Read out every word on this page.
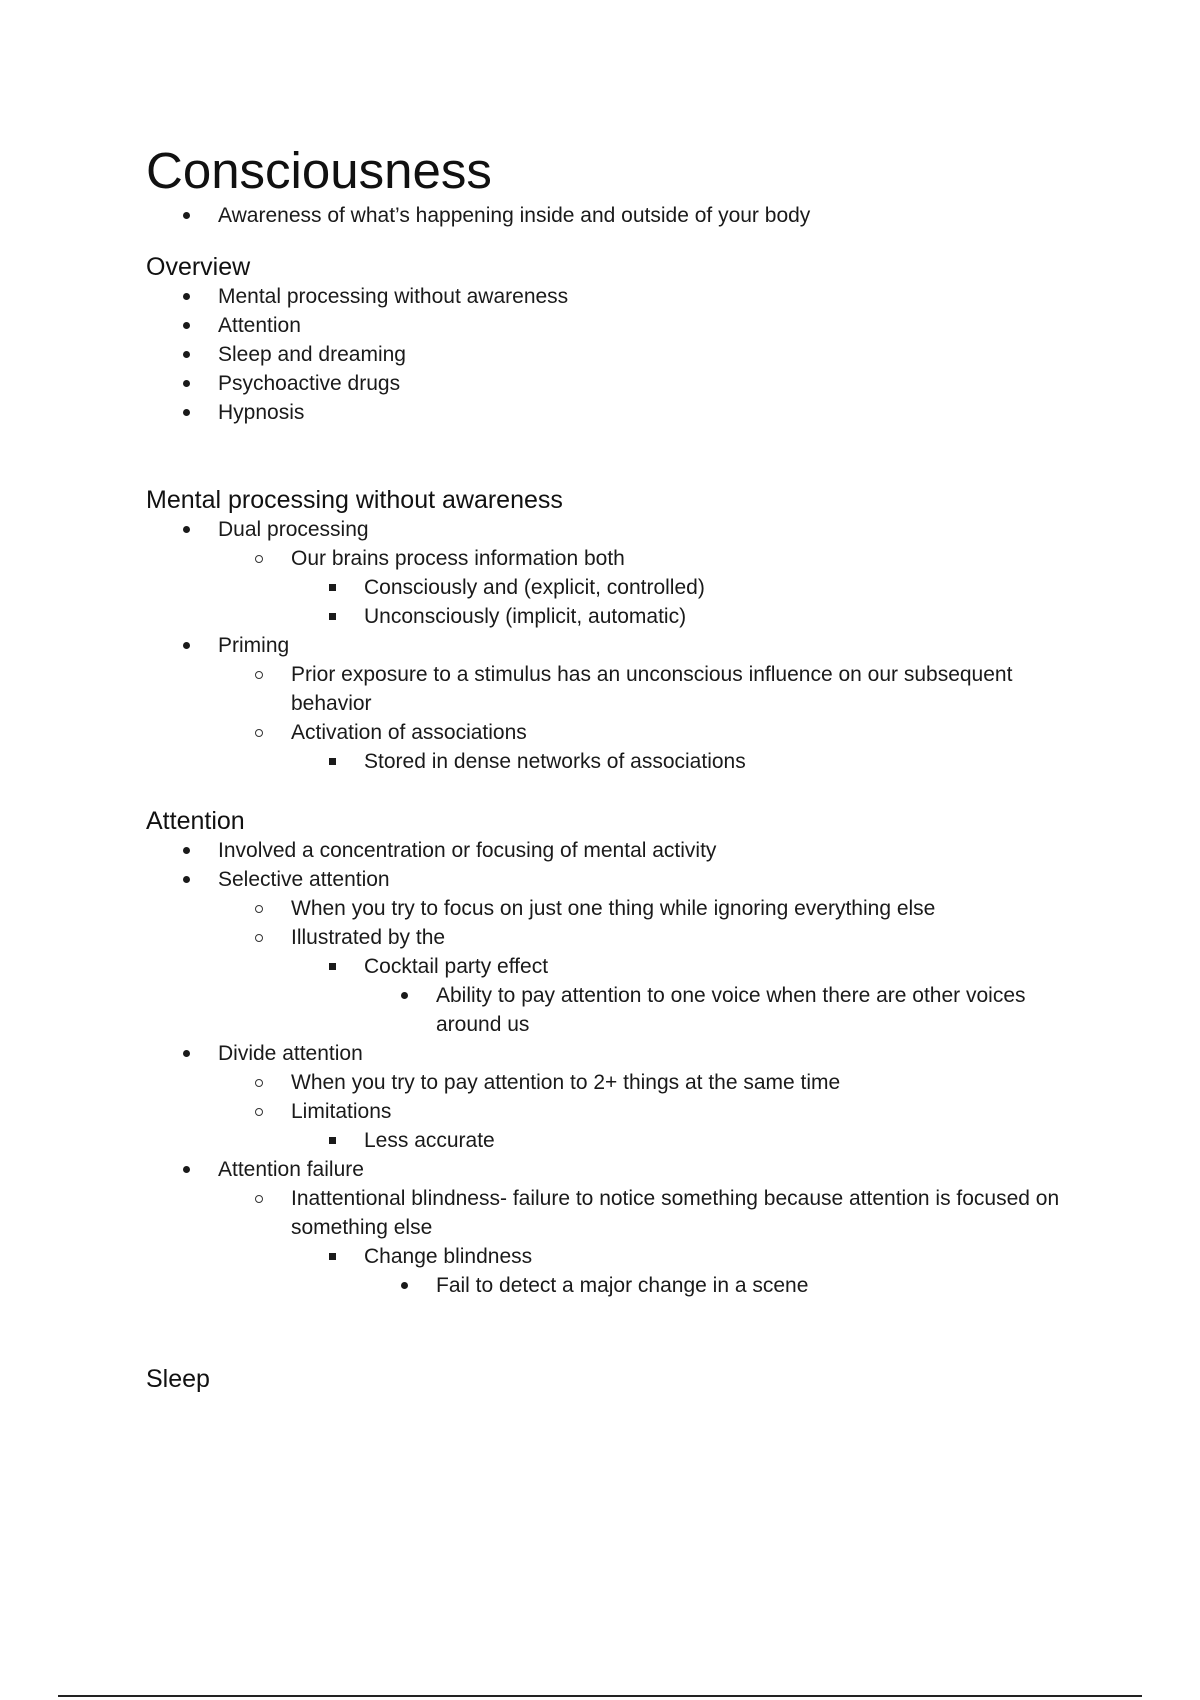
Consciousness
Awareness of what’s happening inside and outside of your body
Overview
Mental processing without awareness
Attention
Sleep and dreaming
Psychoactive drugs
Hypnosis
Mental processing without awareness
Dual processing
Our brains process information both
Consciously and (explicit, controlled)
Unconsciously (implicit, automatic)
Priming
Prior exposure to a stimulus has an unconscious influence on our subsequent behavior
Activation of associations
Stored in dense networks of associations
Attention
Involved a concentration or focusing of mental activity
Selective attention
When you try to focus on just one thing while ignoring everything else
Illustrated by the
Cocktail party effect
Ability to pay attention to one voice when there are other voices around us
Divide attention
When you try to pay attention to 2+ things at the same time
Limitations
Less accurate
Attention failure
Inattentional blindness- failure to notice something because attention is focused on something else
Change blindness
Fail to detect a major change in a scene
Sleep
